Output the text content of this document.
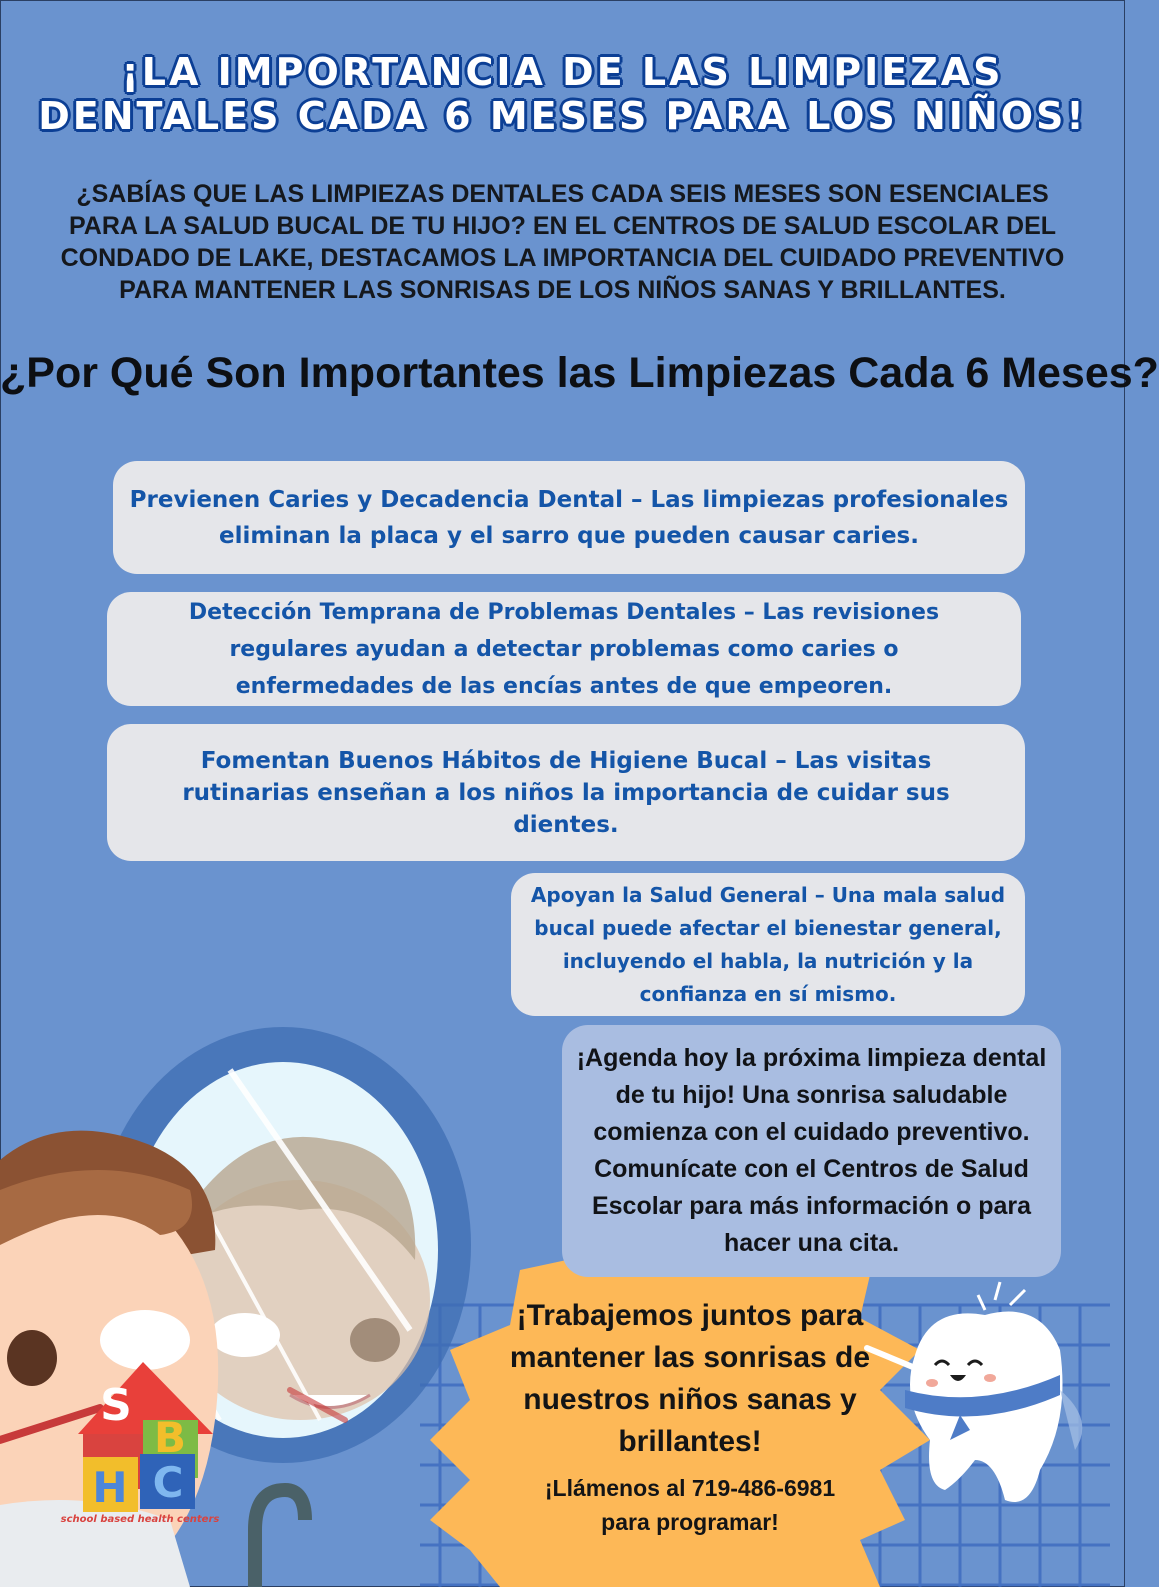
¡LA IMPORTANCIA DE LAS LIMPIEZAS
DENTALES CADA 6 MESES PARA LOS NIÑOS!
¿SABÍAS QUE LAS LIMPIEZAS DENTALES CADA SEIS MESES SON ESENCIALES
PARA LA SALUD BUCAL DE TU HIJO? EN EL CENTROS DE SALUD ESCOLAR DEL
CONDADO DE LAKE, DESTACAMOS LA IMPORTANCIA DEL CUIDADO PREVENTIVO
PARA MANTENER LAS SONRISAS DE LOS NIÑOS SANAS Y BRILLANTES.
¿Por Qué Son Importantes las Limpiezas Cada 6 Meses?
Previenen Caries y Decadencia Dental – Las limpiezas profesionales eliminan la placa y el sarro que pueden causar caries.
Detección Temprana de Problemas Dentales – Las revisiones regulares ayudan a detectar problemas como caries o enfermedades de las encías antes de que empeoren.
Fomentan Buenos Hábitos de Higiene Bucal – Las visitas rutinarias enseñan a los niños la importancia de cuidar sus dientes.
Apoyan la Salud General – Una mala salud bucal puede afectar el bienestar general, incluyendo el habla, la nutrición y la confianza en sí mismo.
S
B
H C
school based health centers
¡Agenda hoy la próxima limpieza dental de tu hijo! Una sonrisa saludable comienza con el cuidado preventivo. Comunícate con el Centros de Salud Escolar para más información o para hacer una cita.
¡Trabajemos juntos para mantener las sonrisas de nuestros niños sanas y brillantes!
¡Llámenos al 719-486-6981
para programar!
